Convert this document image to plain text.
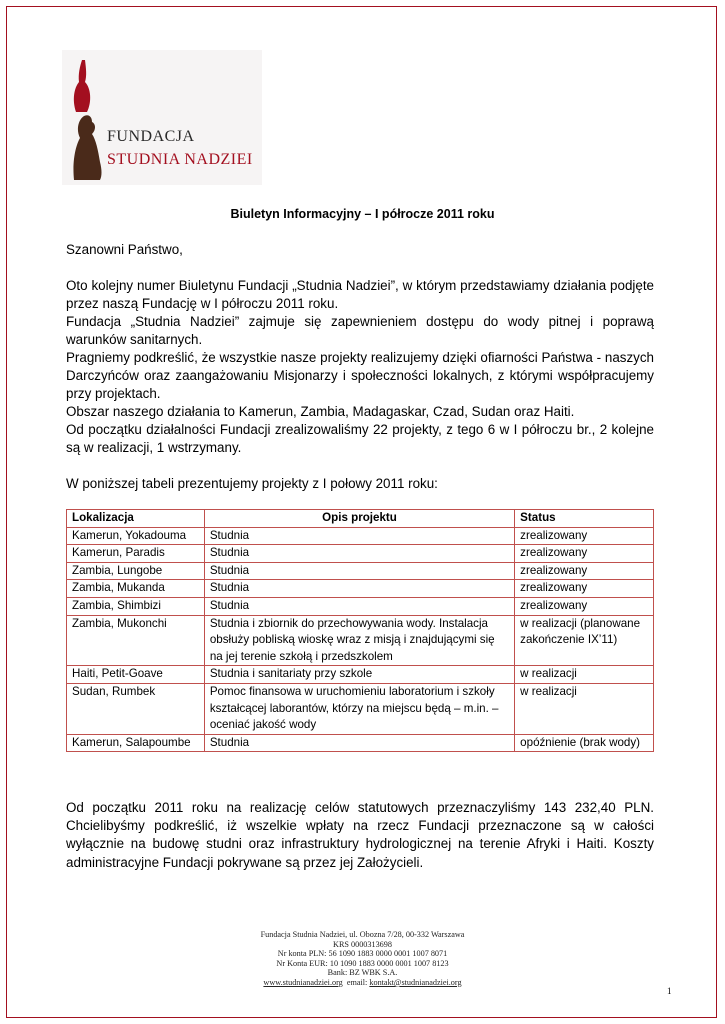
FUNDACJA
STUDNIA NADZIEI
Biuletyn Informacyjny – I półrocze 2011 roku
Szanowni Państwo,
Oto kolejny numer Biuletynu Fundacji „Studnia Nadziei”, w którym przedstawiamy działania podjęte przez naszą Fundację w I półroczu 2011 roku.
Fundacja „Studnia Nadziei” zajmuje się zapewnieniem dostępu do wody pitnej i poprawą warunków sanitarnych.
Pragniemy podkreślić, że wszystkie nasze projekty realizujemy dzięki ofiarności Państwa - naszych Darczyńców oraz zaangażowaniu Misjonarzy i społeczności lokalnych, z którymi współpracujemy przy projektach.
Obszar naszego działania to Kamerun, Zambia, Madagaskar, Czad, Sudan oraz Haiti.
Od początku działalności Fundacji zrealizowaliśmy 22 projekty, z tego 6 w I półroczu br., 2 kolejne są w realizacji, 1 wstrzymany.
W poniższej tabeli prezentujemy projekty z I połowy 2011 roku:
Lokalizacja	Opis projektu	Status
Kamerun, Yokadouma	Studnia	zrealizowany
Kamerun, Paradis	Studnia	zrealizowany
Zambia, Lungobe	Studnia	zrealizowany
Zambia, Mukanda	Studnia	zrealizowany
Zambia, Shimbizi	Studnia	zrealizowany
Zambia, Mukonchi	Studnia i zbiornik do przechowywania wody. Instalacja obsłuży pobliską wioskę wraz z misją i znajdującymi się na jej terenie szkołą i przedszkolem	w realizacji (planowane zakończenie IX’11)
Haiti, Petit-Goave	Studnia i sanitariaty przy szkole	w realizacji
Sudan, Rumbek	Pomoc finansowa w uruchomieniu laboratorium i szkoły kształcącej laborantów, którzy na miejscu będą – m.in. – oceniać jakość wody	w realizacji
Kamerun, Salapoumbe	Studnia	opóźnienie (brak wody)
Od początku 2011 roku na realizację celów statutowych przeznaczyliśmy 143 232,40 PLN. Chcielibyśmy podkreślić, iż wszelkie wpłaty na rzecz Fundacji przeznaczone są w całości wyłącznie na budowę studni oraz infrastruktury hydrologicznej na terenie Afryki i Haiti. Koszty administracyjne Fundacji pokrywane są przez jej Założycieli.
Fundacja Studnia Nadziei, ul. Obozna 7/28, 00-332 Warszawa
KRS 0000313698
Nr konta PLN: 56 1090 1883 0000 0001 1007 8071
Nr Konta EUR: 10 1090 1883 0000 0001 1007 8123
Bank: BZ WBK S.A.
www.studnianadziei.org email: kontakt@studnianadziei.org
1
